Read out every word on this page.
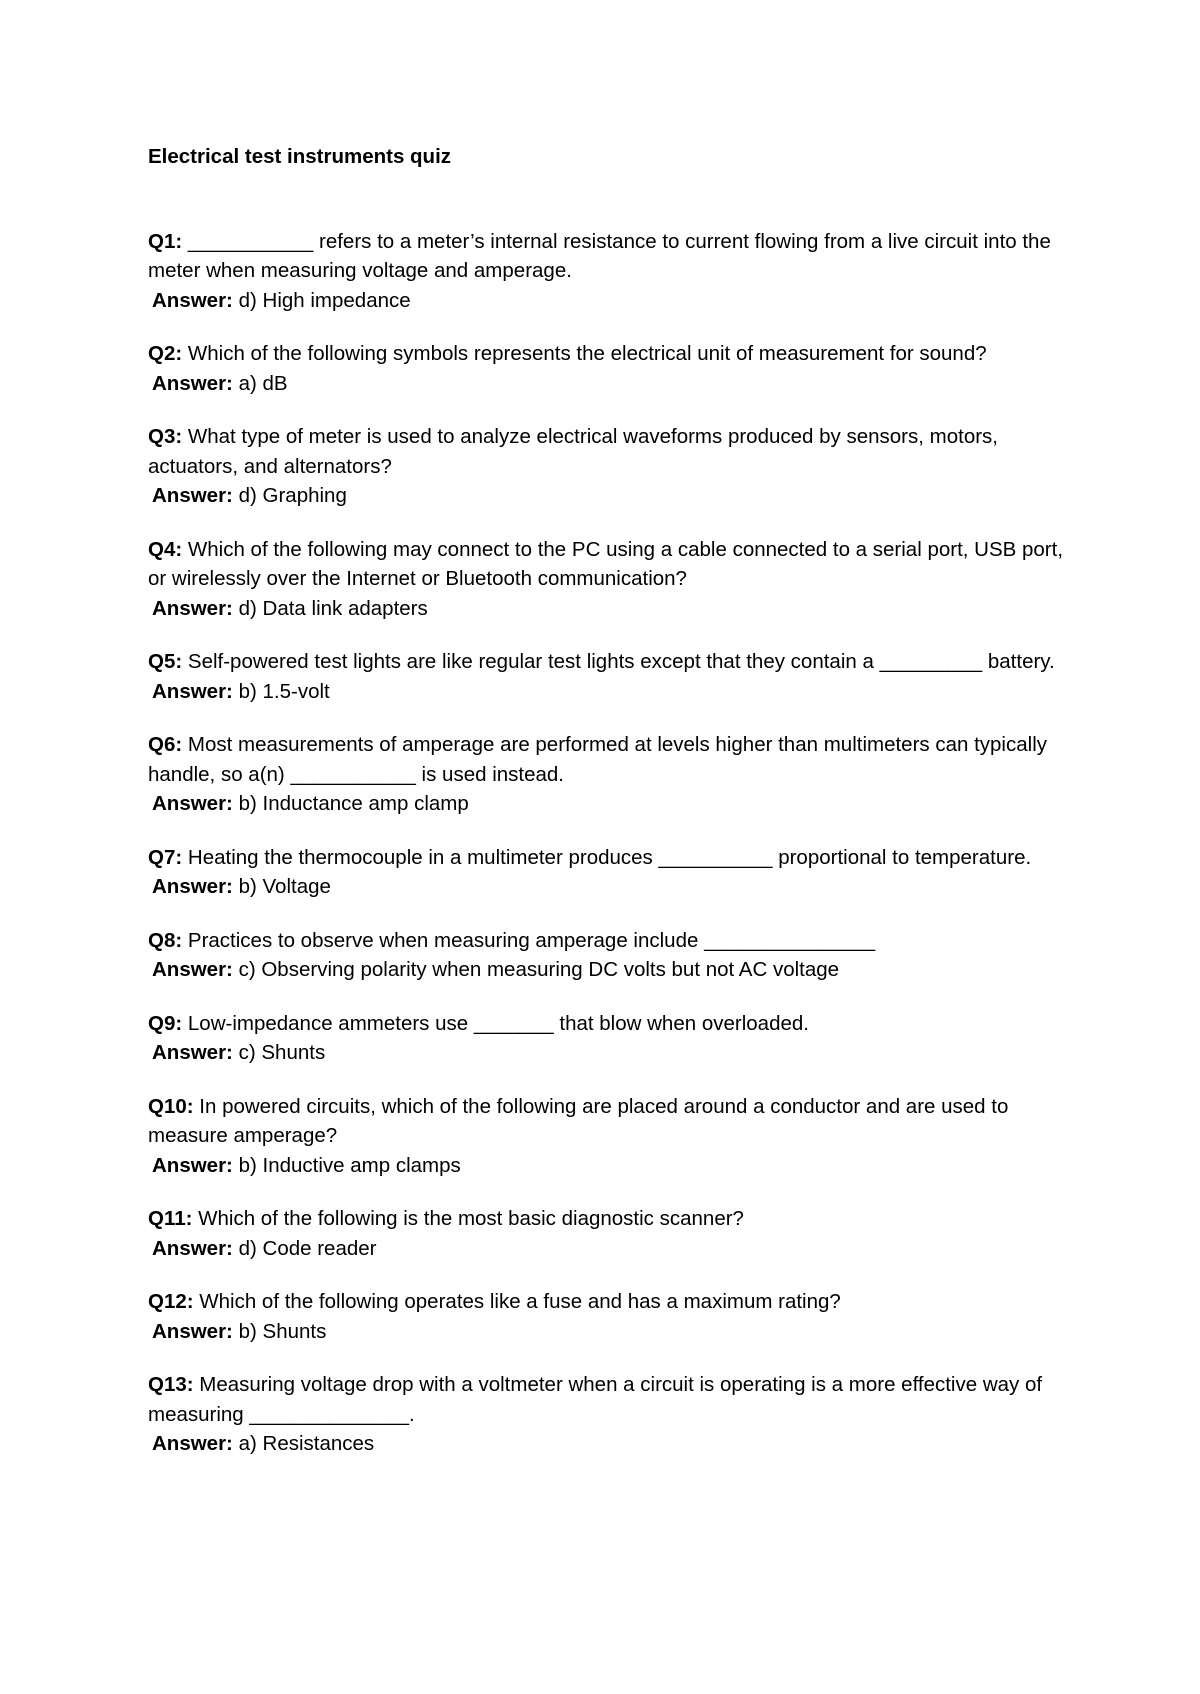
Electrical test instruments quiz

Q1: ___________ refers to a meter’s internal resistance to current flowing from a live circuit into the meter when measuring voltage and amperage.

Answer: d) High impedance

Q2: Which of the following symbols represents the electrical unit of measurement for sound?

Answer: a) dB

Q3: What type of meter is used to analyze electrical waveforms produced by sensors, motors, actuators, and alternators?

Answer: d) Graphing

Q4: Which of the following may connect to the PC using a cable connected to a serial port, USB port, or wirelessly over the Internet or Bluetooth communication?

Answer: d) Data link adapters

Q5: Self-powered test lights are like regular test lights except that they contain a _________ battery.

Answer: b) 1.5-volt

Q6: Most measurements of amperage are performed at levels higher than multimeters can typically handle, so a(n) ___________ is used instead.

Answer: b) Inductance amp clamp

Q7: Heating the thermocouple in a multimeter produces __________ proportional to temperature.

Answer: b) Voltage

Q8: Practices to observe when measuring amperage include _______________

Answer: c) Observing polarity when measuring DC volts but not AC voltage

Q9: Low-impedance ammeters use _______ that blow when overloaded.

Answer: c) Shunts

Q10: In powered circuits, which of the following are placed around a conductor and are used to measure amperage?

Answer: b) Inductive amp clamps

Q11: Which of the following is the most basic diagnostic scanner?

Answer: d) Code reader

Q12: Which of the following operates like a fuse and has a maximum rating?

Answer: b) Shunts

Q13: Measuring voltage drop with a voltmeter when a circuit is operating is a more effective way of measuring ______________.

Answer: a) Resistances
